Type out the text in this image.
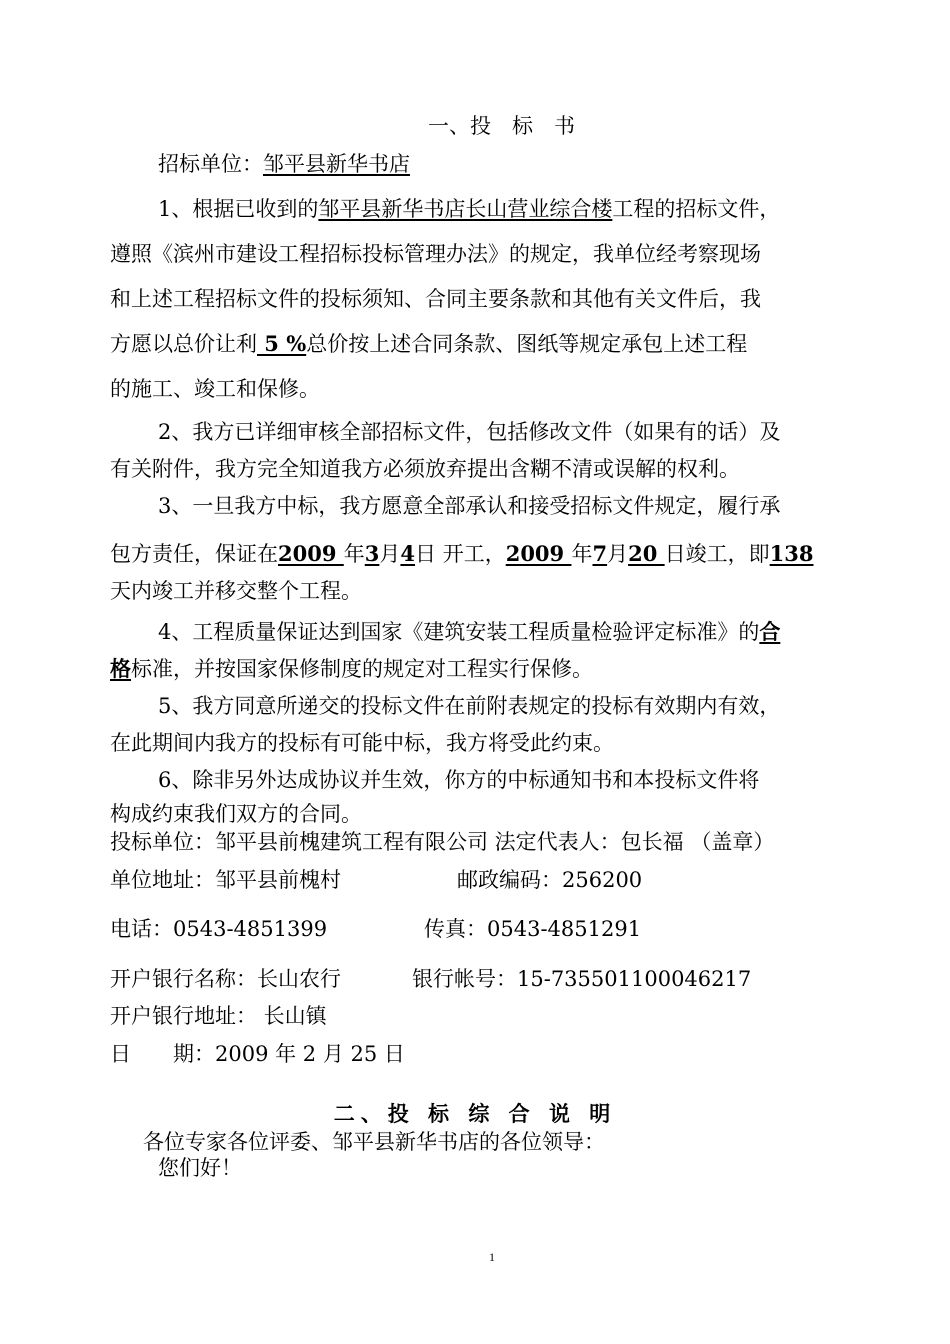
一、投　标　书
招标单位：邹平县新华书店
1、根据已收到的邹平县新华书店长山营业综合楼工程的招标文件，
遵照《滨州市建设工程招标投标管理办法》的规定，我单位经考察现场
和上述工程招标文件的投标须知、合同主要条款和其他有关文件后，我
方愿以总价让利 5 %总价按上述合同条款、图纸等规定承包上述工程
的施工、竣工和保修。
2、我方已详细审核全部招标文件，包括修改文件（如果有的话）及
有关附件，我方完全知道我方必须放弃提出含糊不清或误解的权利。
3、一旦我方中标，我方愿意全部承认和接受招标文件规定，履行承
包方责任，保证在2009 年3月4日 开工，2009 年7月20 日竣工，即138
天内竣工并移交整个工程。
4、工程质量保证达到国家《建筑安装工程质量检验评定标准》的合
格标准，并按国家保修制度的规定对工程实行保修。
5、我方同意所递交的投标文件在前附表规定的投标有效期内有效，
在此期间内我方的投标有可能中标，我方将受此约束。
6、除非另外达成协议并生效，你方的中标通知书和本投标文件将
构成约束我们双方的合同。
投标单位：邹平县前槐建筑工程有限公司 法定代表人：包长福 （盖章）
单位地址：邹平县前槐村	邮政编码：256200
电话：0543-4851399	传真：0543-4851291
开户银行名称：长山农行	银行帐号：15-735501100046217
开户银行地址： 长山镇
日　　期：2009 年 2 月 25 日
二、投 标 综 合 说 明
各位专家各位评委、邹平县新华书店的各位领导：
您们好！
1
